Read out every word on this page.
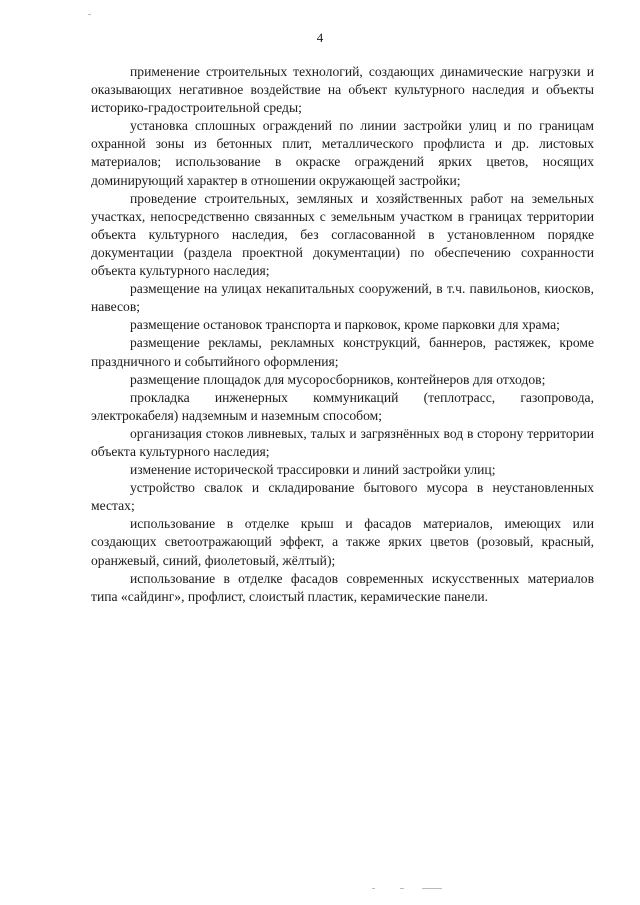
4

применение строительных технологий, создающих динамические нагрузки и оказывающих негативное воздействие на объект культурного наследия и объекты историко-градостроительной среды;

установка сплошных ограждений по линии застройки улиц и по границам охранной зоны из бетонных плит, металлического профлиста и др. листовых материалов; использование в окраске ограждений ярких цветов, носящих доминирующий характер в отношении окружающей застройки;

проведение строительных, земляных и хозяйственных работ на земельных участках, непосредственно связанных с земельным участком в границах территории объекта культурного наследия, без согласованной в установленном порядке документации (раздела проектной документации) по обеспечению сохранности объекта культурного наследия;

размещение на улицах некапитальных сооружений, в т.ч. павильонов, киосков, навесов;

размещение остановок транспорта и парковок, кроме парковки для храма;

размещение рекламы, рекламных конструкций, баннеров, растяжек, кроме праздничного и событийного оформления;

размещение площадок для мусоросборников, контейнеров для отходов;

прокладка инженерных коммуникаций (теплотрасс, газопровода, электрокабеля) надземным и наземным способом;

организация стоков ливневых, талых и загрязнённых вод в сторону территории объекта культурного наследия;

изменение исторической трассировки и линий застройки улиц;

устройство свалок и складирование бытового мусора в неустановленных местах;

использование в отделке крыш и фасадов материалов, имеющих или создающих светоотражающий эффект, а также ярких цветов (розовый, красный, оранжевый, синий, фиолетовый, жёлтый);

использование в отделке фасадов современных искусственных материалов типа «сайдинг», профлист, слоистый пластик, керамические панели.
